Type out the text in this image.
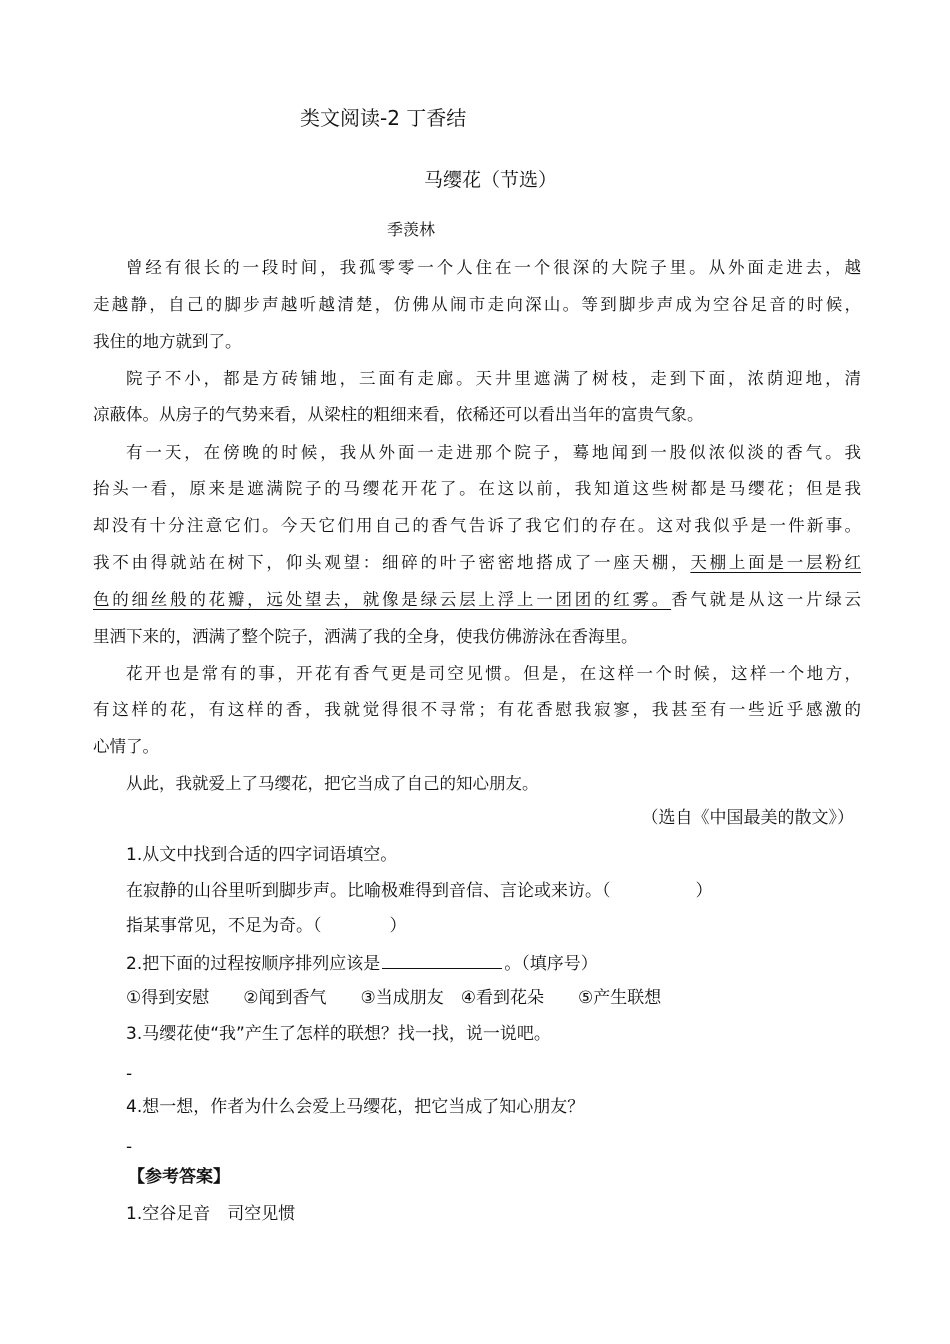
类文阅读-2 丁香结
马缨花（节选）
季羡林
曾经有很长的一段时间，我孤零零一个人住在一个很深的大院子里。从外面走进去，越
走越静，自己的脚步声越听越清楚，仿佛从闹市走向深山。等到脚步声成为空谷足音的时候，
我住的地方就到了。
院子不小，都是方砖铺地，三面有走廊。天井里遮满了树枝，走到下面，浓荫迎地，清
凉蔽体。从房子的气势来看，从梁柱的粗细来看，依稀还可以看出当年的富贵气象。
有一天，在傍晚的时候，我从外面一走进那个院子，蓦地闻到一股似浓似淡的香气。我
抬头一看，原来是遮满院子的马缨花开花了。在这以前，我知道这些树都是马缨花；但是我
却没有十分注意它们。今天它们用自己的香气告诉了我它们的存在。这对我似乎是一件新事。
我不由得就站在树下，仰头观望：细碎的叶子密密地搭成了一座天棚，天棚上面是一层粉红
色的细丝般的花瓣，远处望去，就像是绿云层上浮上一团团的红雾。香气就是从这一片绿云
里洒下来的，洒满了整个院子，洒满了我的全身，使我仿佛游泳在香海里。
花开也是常有的事，开花有香气更是司空见惯。但是，在这样一个时候，这样一个地方，
有这样的花，有这样的香，我就觉得很不寻常；有花香慰我寂寥，我甚至有一些近乎感激的
心情了。
从此，我就爱上了马缨花，把它当成了自己的知心朋友。
（选自《中国最美的散文》）
1.从文中找到合适的四字词语填空。
在寂静的山谷里听到脚步声。比喻极难得到音信、言论或来访。（　　　　　）
指某事常见，不足为奇。（　　　　）
2.把下面的过程按顺序排列应该是	。（填序号）
①得到安慰　　②闻到香气　　③当成朋友　④看到花朵　　⑤产生联想
3.马缨花使“我”产生了怎样的联想？找一找，说一说吧。
-
4.想一想，作者为什么会爱上马缨花，把它当成了知心朋友？
-
【参考答案】
1.空谷足音　司空见惯
